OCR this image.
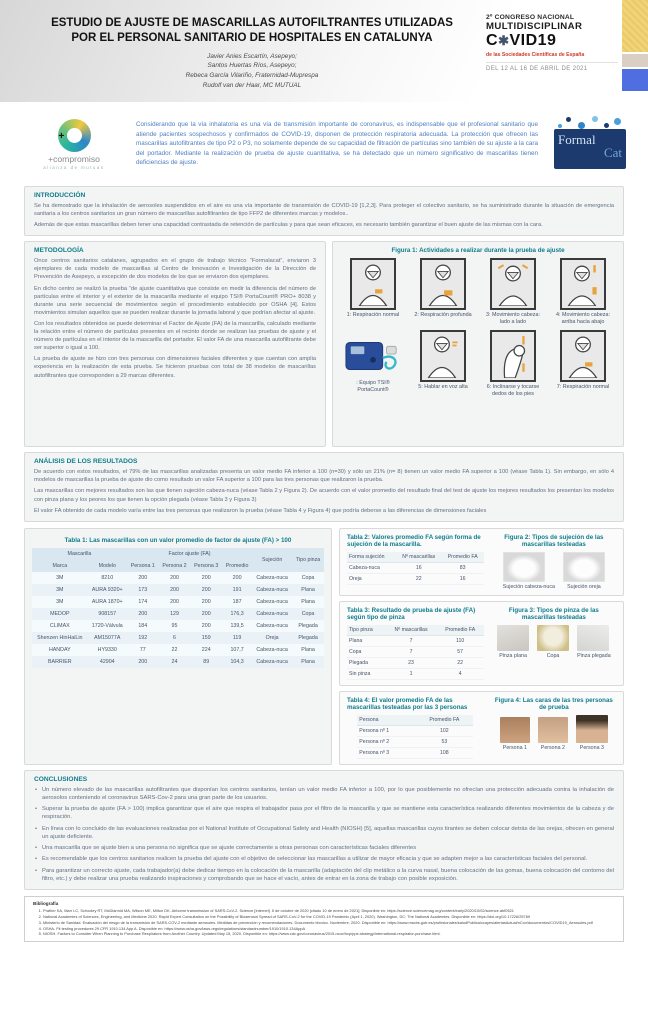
ESTUDIO DE AJUSTE DE MASCARILLAS AUTOFILTRANTES UTILIZADAS
POR EL PERSONAL SANITARIO DE HOSPITALES EN CATALUNYA
Javier Anies Escartín, Asepeyo;
Santos Huertas Ríos, Asepeyo;
Rebeca García Vilariño, Fraternidad-Muprespa
Rudolf van der Haar, MC MUTUAL
2º CONGRESO NACIONAL
MULTIDISCIPLINAR
C✱VID19
de las Sociedades Científicas de España
DEL 12 AL 16 DE ABRIL DE 2021
+
+compromiso
alianza de mutuas
Considerando que la vía inhalatoria es una vía de transmisión importante de coronavirus, es indispensable que el profesional sanitario que atiende pacientes sospechosos y confirmados de COVID-19, disponen de protección respiratoria adecuada. La protección que ofrecen las mascarillas autofiltrantes de tipo P2 o P3, no solamente depende de su capacidad de filtración de partículas sino también de su ajuste a la cara del portador. Mediante la realización de prueba de ajuste cuantitativa, se ha detectado que un número significativo de mascarillas tienen deficiencias de ajuste.
Formal
Cat
INTRODUCCIÓN
Se ha demostrado que la inhalación de aerosoles suspendidos en el aire es una vía importante de transmisión de COVID-19 [1,2,3]. Para proteger el colectivo sanitario, se ha suministrado durante la situación de emergencia sanitaria a los centros sanitarios un gran número de mascarillas autofiltrantes de tipo FFP2 de diferentes marcas y modelos..
Además de que estas mascarillas deben tener una capacidad contrastada de retención de partículas y para que sean eficaces, es necesario también garantizar el buen ajuste de las mismas con la cara.
METODOLOGÍA
Once centros sanitarios catalanes, agrupados en el grupo de trabajo técnico “Formalacat”, enviaron 3 ejemplares de cada modelo de mascarillas al Centro de Innovación e Investigación de la Dirección de Prevención de Asepeyo, a excepción de dos modelos de los que se enviaron dos ejemplares.
En dicho centro se realizó la prueba “de ajuste cuantitativa que consiste en medir la diferencia del número de partículas entre el interior y el exterior de la mascarilla mediante el equipo TSI® PortaCount® PRO+ 8038 y durante una serie secuencial de movimientos según el procedimiento establecido por OSHA [4]. Estos movimientos simulan aquellos que se pueden realizar durante la jornada laboral y que podrían afectar al ajuste.
Con los resultados obtenidos se puede determinar el Factor de Ajuste (FA) de la mascarilla, calculado mediante la relación entre el número de partículas presentes en el recinto donde se realizan las pruebas de ajuste y el número de partículas en el interior de la mascarilla del portador. El valor FA de una mascarilla autofiltrante debe ser superior o igual a 100.
La prueba de ajuste se hizo con tres personas con dimensiones faciales diferentes y que cuentan con amplia experiencia en la realización de esta prueba. Se hicieron pruebas con total de 38 modelos de mascarillas autofiltrantes que corresponden a 29 marcas diferentes.
Figura 1: Actividades a realizar durante la prueba de ajuste
1: Respiración normal	2: Respiración profunda	3: Movimiento cabeza: lado a lado
4: Movimiento cabeza: arriba hacia abajo
: Equipo TSI® PortaCount®	5: Hablar en voz alta	6: Inclinarse y tocarse dedos de los pies
7: Respiración normal
ANÁLISIS DE LOS RESULTADOS
De acuerdo con estos resultados, el 79% de las mascarillas analizadas presenta un valor medio FA inferior a 100 (n=30) y sólo un 21% (n= 8) tienen un valor medio FA superior a 100 (véase Tabla 1). Sin embargo, en sólo 4 modelos de mascarillas la prueba de ajuste dio como resultado un valor FA superior a 100 para las tres personas que realizaron la prueba.
Las mascarillas con mejores resultados son las que tienen sujeción cabeza-nuca (véase Tabla 2 y Figura 2). De acuerdo con el valor promedio del resultado final del test de ajuste los mejores resultados los presentan los modelos con pinza plana y los peores los que tienen la opción plegada (véase Tabla 3 y Figura 3)
El valor FA obtenido de cada modelo varía entre las tres personas que realizaron la prueba (véase Tabla 4 y Figura 4) que podría deberse a las diferencias de dimensiones faciales
Tabla 1: Las mascarillas con un valor promedio de factor de ajuste (FA) > 100
Mascarilla		Factor ajuste (FA)				Sujeción	Tipo pinza
Marca	Modelo	Persona 1	Persona 2	Persona 3	Promedio		
3M	8210	200	200	200	200	Cabeza-nuca	Copa
3M	AURA 9320+	173	200	200	191	Cabeza-nuca	Plana
3M	AURA 1870+	174	200	200	187	Cabeza-nuca	Plana
MEDOP	908157	200	129	200	176,3	Cabeza-nuca	Copa
CLIMAX	1720-Válvula	184	95	200	139,5	Cabeza-nuca	Plegada
Shenzen HinHaiLin	AM15077A	192	6	159	119	Oreja	Plegada
HANDAY	HY9330	77	22	224	107,7	Cabeza-nuca	Plana
BARRIER	42904	200	24	89	104,3	Cabeza-nuca	Plana
Tabla 2: Valores promedio FA según forma de sujeción de la mascarilla.
Forma sujeción	Nº mascarillas	Promedio FA
Cabeza-nuca	16	83
Oreja	22	16
Figura 2: Tipos de sujeción de las mascarillas testeadas
Sujeción cabeza-nuca	Sujeción oreja
Tabla 3: Resultado de prueba de ajuste (FA) según tipo de pinza
Tipo pinza	Nº mascarillas	Promedio FA
Plana	7	110
Copa	7	57
Plegada	23	22
Sin pinza	1	4
Figura 3: Tipos de pinza de las mascarillas testeadas
Pinza plana	Copa	Pinza plegada
Tabla 4: El valor promedio FA de las mascarillas testeadas por las 3 personas
Persona	Promedio FA
Persona nº 1	102
Persona nº 2	53
Persona nº 3	108
Figura 4: Las caras de las tres personas de prueba
Persona 1	Persona 2	Persona 3
CONCLUSIONES
• Un número elevado de las mascarillas autofiltrantes que disponían los centros sanitarios, tenían un valor medio FA inferior a 100, por lo que posiblemente no ofrecían una protección adecuada contra la inhalación de aerosolos conteniendo el coronavirus SARS-Cov-2 para una gran parte de los usuarios.
• Superar la prueba de ajuste (FA > 100) implica garantizar que el aire que respira el trabajador pasa por el filtro de la mascarilla y que se mantiene esta característica realizando diferentes movimientos de la cabeza y de respiración.
• En línea con lo concluido de las evaluaciones realizadas por el National Institute of Occupational Safety and Health (NIOSH) [5], aquellas mascarillas cuyos tirantes se deben colocar detrás de las orejas, ofrecen en general un ajuste deficiente.
• Una mascarilla que se ajuste bien a una persona no significa que se ajuste correctamente a otras personas con características faciales diferentes
• Es recomendable que los centros sanitarios realicen la prueba del ajuste con el objetivo de seleccionar las mascarillas a utilizar de mayor eficacia y que se adapten mejor a las características faciales del personal.
• Para garantizar un correcto ajuste, cada trabajador(a) debe dedicar tiempo en la colocación de la mascarilla (adaptación del clip metálico a la curva nasal, buena colocación de las gomas, buena colocación del contorno del filtro, etc.) y debe realizar una prueba realizando inspiraciones y comprobando que se hace el vacío, antes de entrar en la zona de trabajo con posible exposición.
Bibliografía
1. Prather KA, Marr LC, Schooley RT, McDiarmid MA, Wilson ME, Milton DK. Airborne transmission of SARS-CoV-2. Science [Internet]. 5 de octubre de 2020 [citado 10 de enero de 2021]; Disponible en: https://science.sciencemag.org/content/early/2020/10/02/science.abf0521
2. National Academies of Sciences, Engineering, and Medicine 2020. Rapid Expert Consultation on the Possibility of Bioaerosol Spread of SARS-CoV-2 for the COVID-19 Pandemic (April 1, 2020). Washington, DC: The National Academies. Disponible en: https://doi.org/10.17226/25769
3. Ministerio de Sanidad. Evaluación del riesgo de la transmisión de SARS-COV-2 mediante aerosoles. Medidas de prevención y recomendaciones. Documento técnico. Noviembre, 2020. Disponible en: https://www.mscbs.gob.es/profesionales/saludPublica/ccayes/alertasActual/nCov/documentos/COVID19_Aerosoles.pdf
4. OSHA. Fit testing procedures 29 CFR 1910.134 App A. Disponible en: https://www.osha.gov/laws-regs/regulations/standardnumber/1910/1910.134AppA
5. NIOSH. Factors to Consider When Planning to Purchase Respirators from Another Country. Updated May 15, 2020. Disponible en: https://www.cdc.gov/coronavirus/2019-ncov/hcp/ppe-strategy/international-respirator-purchase.html.
